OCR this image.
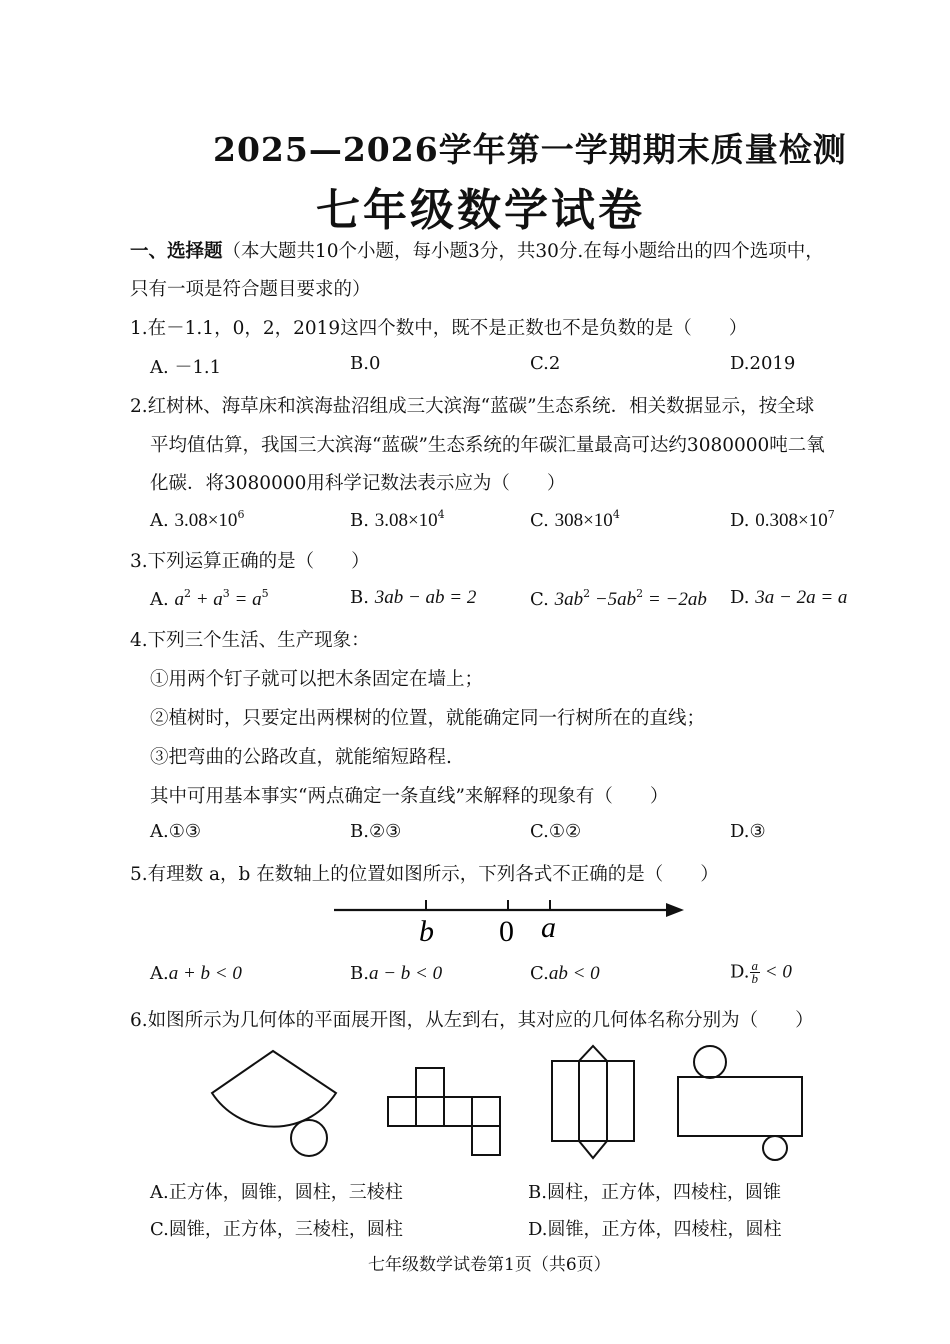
2025—2026学年第一学期期末质量检测
七年级数学试卷
一、选择题（本大题共10个小题，每小题3分，共30分.在每小题给出的四个选项中，
只有一项是符合题目要求的）
1.在－1.1，0，2，2019这四个数中，既不是正数也不是负数的是（　　）
A. －1.1	B.0	C.2	D.2019
2.红树林、海草床和滨海盐沼组成三大滨海“蓝碳”生态系统．相关数据显示，按全球
平均值估算，我国三大滨海“蓝碳”生态系统的年碳汇量最高可达约3080000吨二氧
化碳．将3080000用科学记数法表示应为（　　）
A. $3.08\times 10^6$	B. $3.08\times 10^4$	C. $308\times 10^4$	D. $0.308\times 10^7$
3.下列运算正确的是（　　）
A. $a^2 + a^3 = a^5$	B. 3ab − ab = 2	C. $3ab^2 -5ab^2 = -2ab$ D. 3a − 2a = a
4.下列三个生活、生产现象：
①用两个钉子就可以把木条固定在墙上；
②植树时，只要定出两棵树的位置，就能确定同一行树所在的直线；
③把弯曲的公路改直，就能缩短路程.
其中可用基本事实“两点确定一条直线”来解释的现象有（　　）
A.①③	B.②③	C.①②	D.③
5.有理数 a，b 在数轴上的位置如图所示，下列各式不正确的是（　　）
b 0 a
A.a + b < 0	B.a − b < 0	C.ab < 0	D. $\frac{a}{b} < 0$
6.如图所示为几何体的平面展开图，从左到右，其对应的几何体名称分别为（　　）
A.正方体，圆锥，圆柱，三棱柱	B.圆柱，正方体，四棱柱，圆锥
C.圆锥，正方体，三棱柱，圆柱	D.圆锥，正方体，四棱柱，圆柱
七年级数学试卷第1页（共6页）
